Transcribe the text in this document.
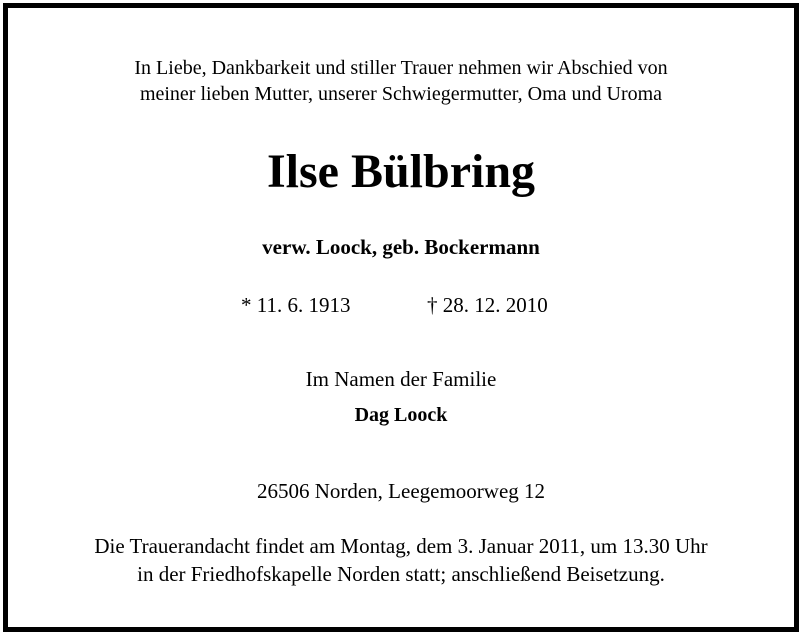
In Liebe, Dankbarkeit und stiller Trauer nehmen wir Abschied von
meiner lieben Mutter, unserer Schwiegermutter, Oma und Uroma
Ilse Bülbring
verw. Loock, geb. Bockermann
* 11. 6. 1913	† 28. 12. 2010
Im Namen der Familie
Dag Loock
26506 Norden, Leegemoorweg 12
Die Trauerandacht findet am Montag, dem 3. Januar 2011, um 13.30 Uhr
in der Friedhofskapelle Norden statt; anschließend Beisetzung.
